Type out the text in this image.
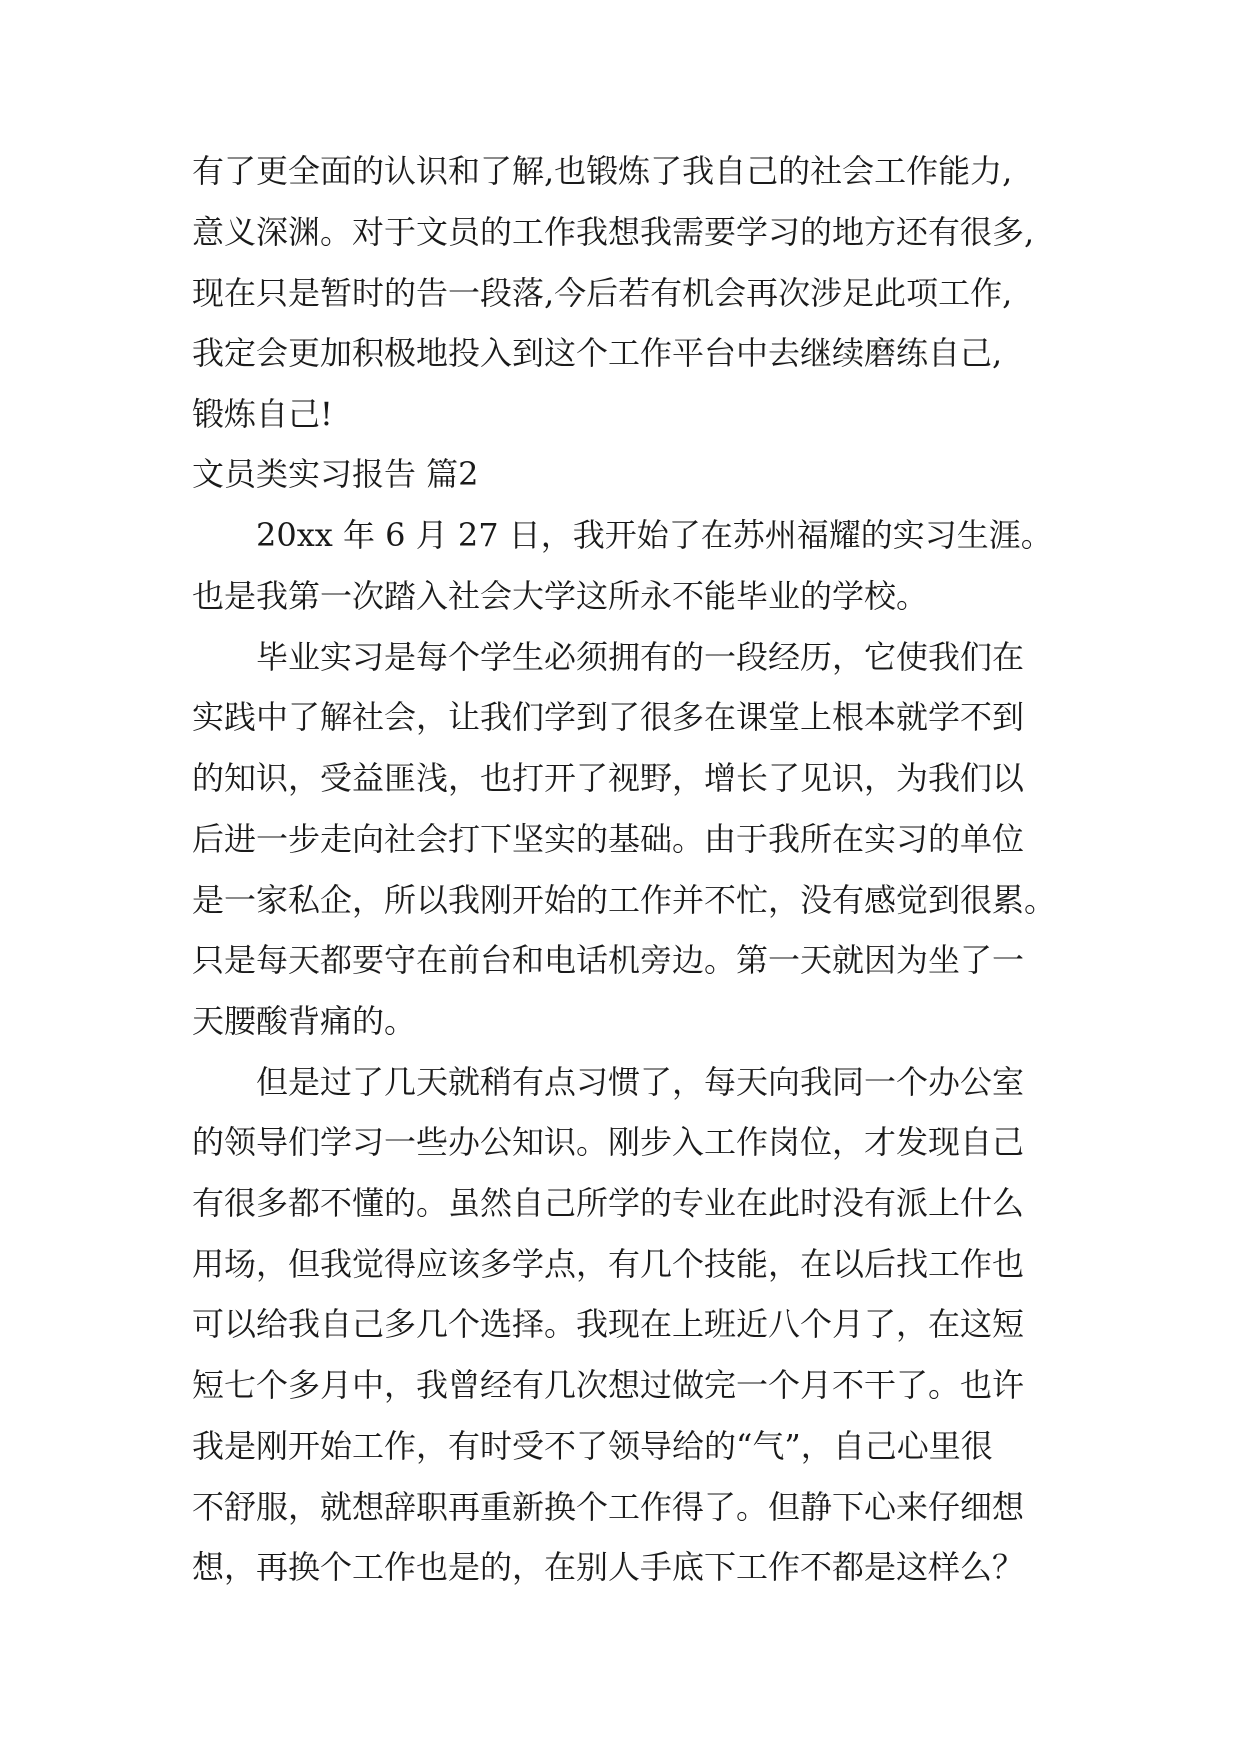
有了更全面的认识和了解,也锻炼了我自己的社会工作能力,
意义深渊。对于文员的工作我想我需要学习的地方还有很多,
现在只是暂时的告一段落,今后若有机会再次涉足此项工作,
我定会更加积极地投入到这个工作平台中去继续磨练自己,
锻炼自己!
文员类实习报告 篇2
20xx 年 6 月 27 日，我开始了在苏州福耀的实习生涯。
也是我第一次踏入社会大学这所永不能毕业的学校。
毕业实习是每个学生必须拥有的一段经历，它使我们在
实践中了解社会，让我们学到了很多在课堂上根本就学不到
的知识，受益匪浅，也打开了视野，增长了见识，为我们以
后进一步走向社会打下坚实的基础。由于我所在实习的单位
是一家私企，所以我刚开始的工作并不忙，没有感觉到很累。
只是每天都要守在前台和电话机旁边。第一天就因为坐了一
天腰酸背痛的。
但是过了几天就稍有点习惯了，每天向我同一个办公室
的领导们学习一些办公知识。刚步入工作岗位，才发现自己
有很多都不懂的。虽然自己所学的专业在此时没有派上什么
用场，但我觉得应该多学点，有几个技能，在以后找工作也
可以给我自己多几个选择。我现在上班近八个月了，在这短
短七个多月中，我曾经有几次想过做完一个月不干了。也许
我是刚开始工作，有时受不了领导给的“气”，自己心里很
不舒服，就想辞职再重新换个工作得了。但静下心来仔细想
想，再换个工作也是的，在别人手底下工作不都是这样么？
